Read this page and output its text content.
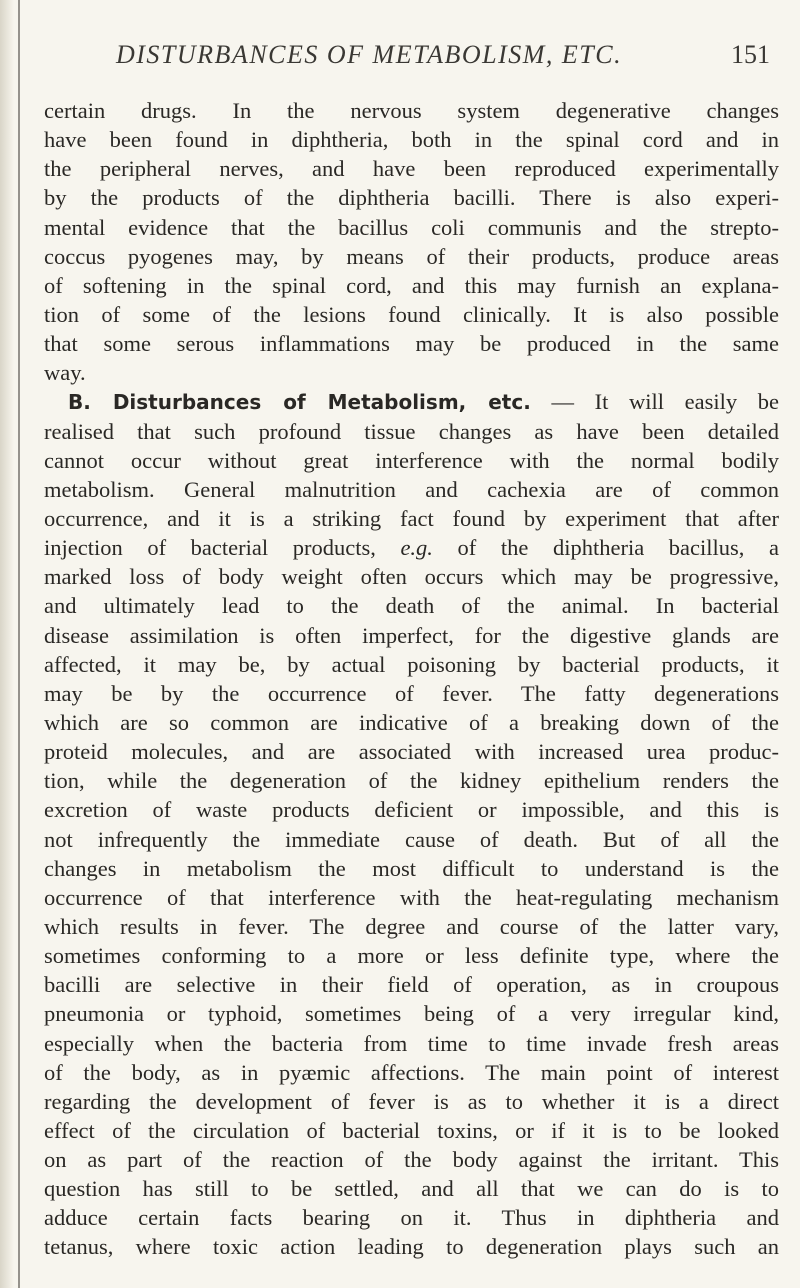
DISTURBANCES OF METABOLISM, ETC.	151
certain drugs. In the nervous system degenerative changes
have been found in diphtheria, both in the spinal cord and in
the peripheral nerves, and have been reproduced experimentally
by the products of the diphtheria bacilli. There is also experi-
mental evidence that the bacillus coli communis and the strepto-
coccus pyogenes may, by means of their products, produce areas
of softening in the spinal cord, and this may furnish an explana-
tion of some of the lesions found clinically. It is also possible
that some serous inflammations may be produced in the same
way.
B. Disturbances of Metabolism, etc. — It will easily be
realised that such profound tissue changes as have been detailed
cannot occur without great interference with the normal bodily
metabolism. General malnutrition and cachexia are of common
occurrence, and it is a striking fact found by experiment that after
injection of bacterial products, e.g. of the diphtheria bacillus, a
marked loss of body weight often occurs which may be progressive,
and ultimately lead to the death of the animal. In bacterial
disease assimilation is often imperfect, for the digestive glands are
affected, it may be, by actual poisoning by bacterial products, it
may be by the occurrence of fever. The fatty degenerations
which are so common are indicative of a breaking down of the
proteid molecules, and are associated with increased urea produc-
tion, while the degeneration of the kidney epithelium renders the
excretion of waste products deficient or impossible, and this is
not infrequently the immediate cause of death. But of all the
changes in metabolism the most difficult to understand is the
occurrence of that interference with the heat-regulating mechanism
which results in fever. The degree and course of the latter vary,
sometimes conforming to a more or less definite type, where the
bacilli are selective in their field of operation, as in croupous
pneumonia or typhoid, sometimes being of a very irregular kind,
especially when the bacteria from time to time invade fresh areas
of the body, as in pyæmic affections. The main point of interest
regarding the development of fever is as to whether it is a direct
effect of the circulation of bacterial toxins, or if it is to be looked
on as part of the reaction of the body against the irritant. This
question has still to be settled, and all that we can do is to
adduce certain facts bearing on it. Thus in diphtheria and
tetanus, where toxic action leading to degeneration plays such an
